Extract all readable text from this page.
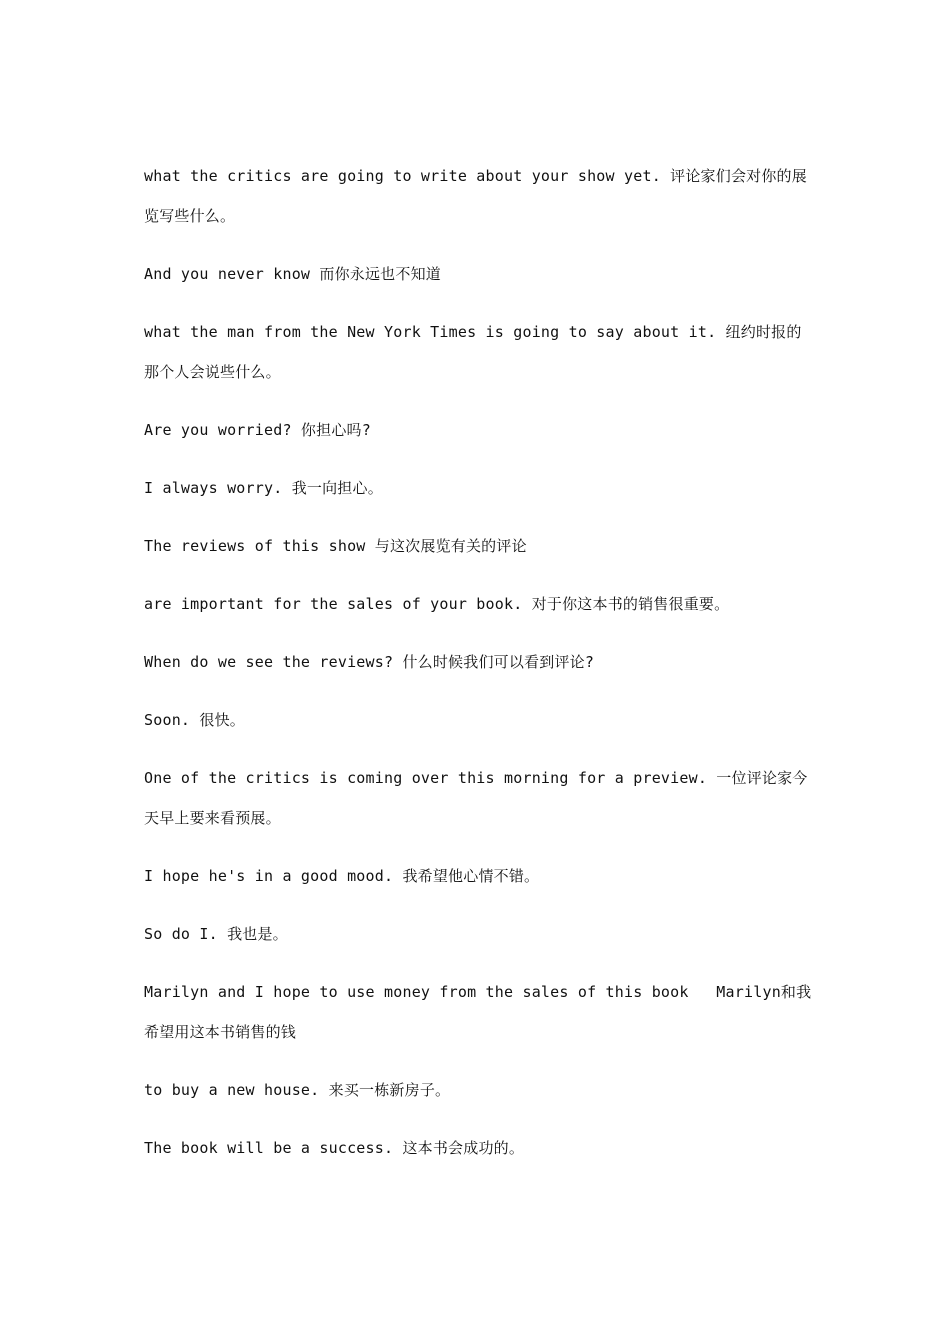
what the critics are going to write about your show yet. 评论家们会对你的展览写些什么。

And you never know 而你永远也不知道

what the man from the New York Times is going to say about it. 纽约时报的那个人会说些什么。

Are you worried? 你担心吗?

I always worry. 我一向担心。

The reviews of this show 与这次展览有关的评论

are important for the sales of your book. 对于你这本书的销售很重要。

When do we see the reviews? 什么时候我们可以看到评论?

Soon. 很快。

One of the critics is coming over this morning for a preview. 一位评论家今天早上要来看预展。

I hope he's in a good mood. 我希望他心情不错。

So do I. 我也是。

Marilyn and I hope to use money from the sales of this book   Marilyn和我希望用这本书销售的钱

to buy a new house. 来买一栋新房子。

The book will be a success. 这本书会成功的。
